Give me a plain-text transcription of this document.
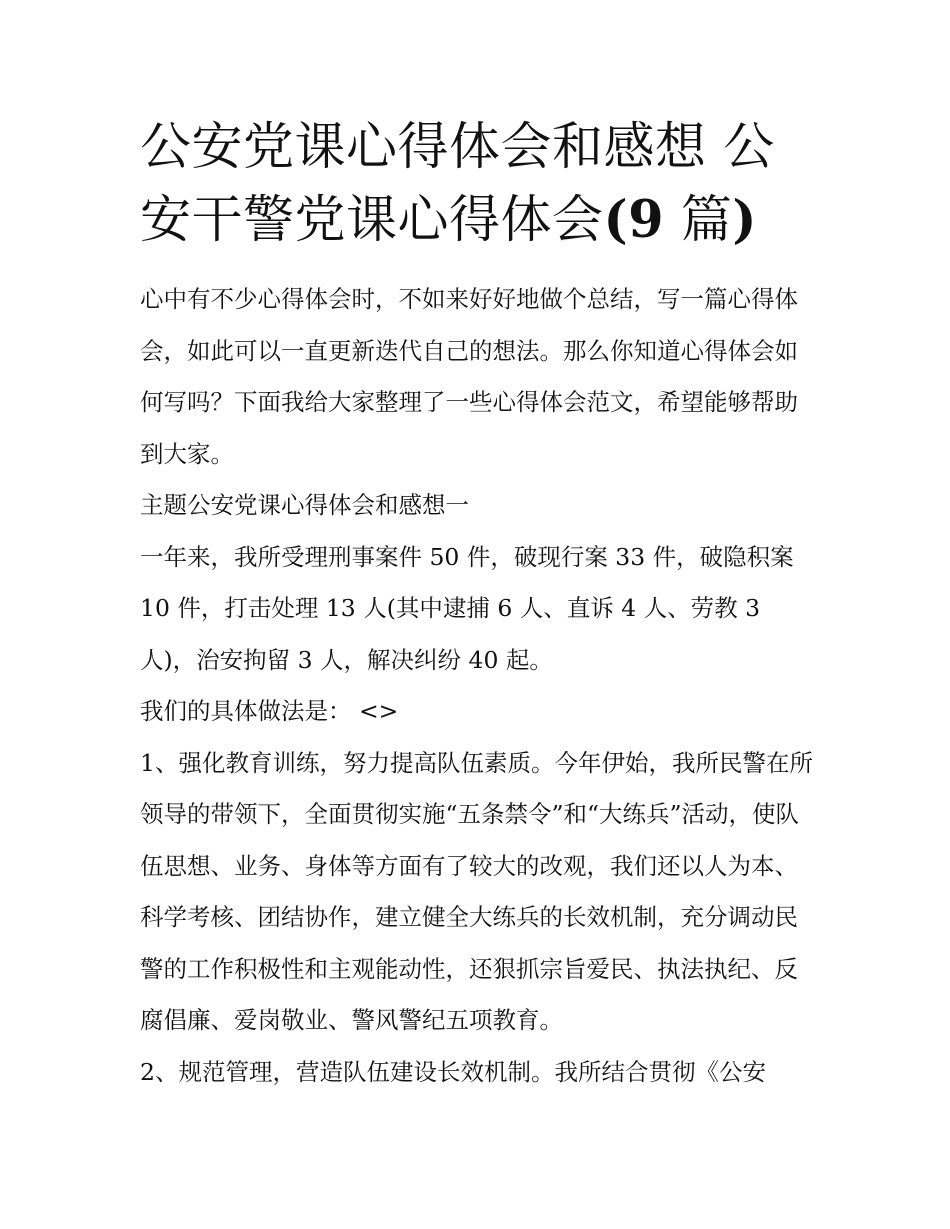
公安党课心得体会和感想 公安干警党课心得体会(9 篇)

心中有不少心得体会时，不如来好好地做个总结，写一篇心得体会，如此可以一直更新迭代自己的想法。那么你知道心得体会如何写吗？下面我给大家整理了一些心得体会范文，希望能够帮助到大家。

主题公安党课心得体会和感想一

一年来，我所受理刑事案件 50 件，破现行案 33 件，破隐积案 10 件，打击处理 13 人(其中逮捕 6 人、直诉 4 人、劳教 3 人)，治安拘留 3 人，解决纠纷 40 起。

我们的具体做法是： <>

1、强化教育训练，努力提高队伍素质。今年伊始，我所民警在所领导的带领下，全面贯彻实施“五条禁令”和“大练兵”活动，使队伍思想、业务、身体等方面有了较大的改观，我们还以人为本、科学考核、团结协作，建立健全大练兵的长效机制，充分调动民警的工作积极性和主观能动性，还狠抓宗旨爱民、执法执纪、反腐倡廉、爱岗敬业、警风警纪五项教育。

2、规范管理，营造队伍建设长效机制。我所结合贯彻《公安
